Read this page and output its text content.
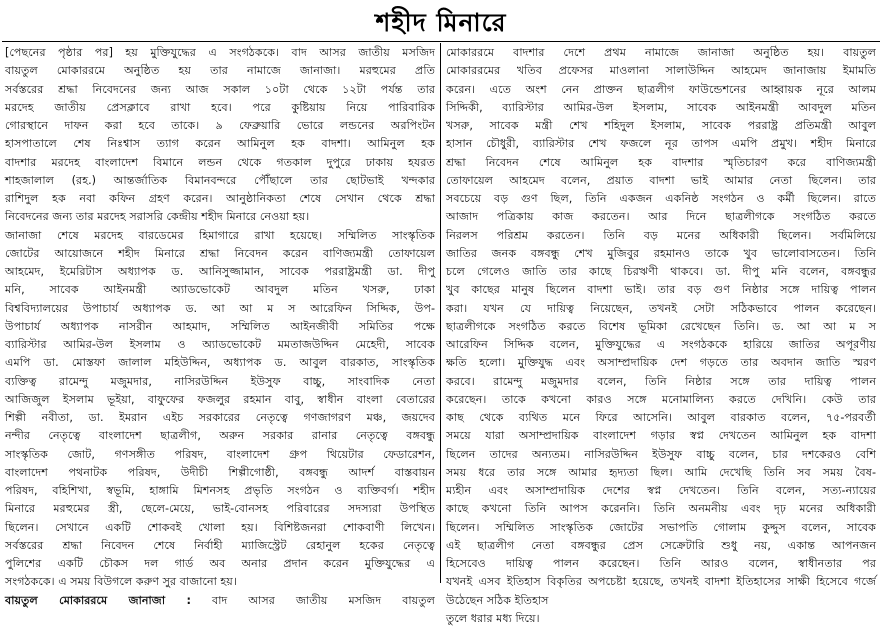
শহীদ মিনারে
[পেছনের পৃষ্ঠার পর] হয় মুক্তিযুদ্ধের এ সংগঠককে। বাদ আসর জাতীয় মসজিদ
বায়তুল মোকাররমে অনুষ্ঠিত হয় তার নামাজে জানাজা। মরহুমের প্রতি
সর্বস্তরের শ্রদ্ধা নিবেদনের জন্য আজ সকাল ১০টা থেকে ১২টা পর্যন্ত তার
মরদেহ জাতীয় প্রেসক্লাবে রাখা হবে। পরে কুষ্টিয়ায় নিয়ে পারিবারিক
গোরস্থানে দাফন করা হবে তাকে। ৯ ফেব্রুয়ারি ভোরে লন্ডনের অরপিংটন
হাসপাতালে শেষ নিঃশ্বাস ত্যাগ করেন আমিনুল হক বাদশা। আমিনুল হক
বাদশার মরদেহ বাংলাদেশ বিমানে লন্ডন থেকে গতকাল দুপুরে ঢাকায় হযরত
শাহজালাল (রহ.) আন্তর্জাতিক বিমানবন্দরে পৌঁছালে তার ছোটভাই খন্দকার
রাশিদুল হক নবা কফিন গ্রহণ করেন। আনুষ্ঠানিকতা শেষে সেখান থেকে শ্রদ্ধা
নিবেদনের জন্য তার মরদেহ সরাসরি কেন্দ্রীয় শহীদ মিনারে নেওয়া হয়।
জানাজা শেষে মরদেহ বারডেমের হিমাগারে রাখা হয়েছে। সম্মিলিত সাংস্কৃতিক
জোটের আয়োজনে শহীদ মিনারে শ্রদ্ধা নিবেদন করেন বাণিজ্যমন্ত্রী তোফায়েল
আহমেদ, ইমেরিটাস অধ্যাপক ড. আনিসুজ্জামান, সাবেক পররাষ্ট্রমন্ত্রী ডা. দীপু
মনি, সাবেক আইনমন্ত্রী অ্যাডভোকেট আবদুল মতিন খসরু, ঢাকা
বিশ্ববিদ্যালয়ের উপাচার্য অধ্যাপক ড. আ আ ম স আরেফিন সিদ্দিক, উপ-
উপাচার্য অধ্যাপক নাসরীন আহমাদ, সম্মিলিত আইনজীবী সমিতির পক্ষে
ব্যারিস্টার আমির-উল ইসলাম ও অ্যাডভোকেট মমতাজউদ্দিন মেহেদী, সাবেক
এমপি ডা. মোস্তফা জালাল মহিউদ্দিন, অধ্যাপক ড. আবুল বারকাত, সাংস্কৃতিক
ব্যক্তিত্ব রামেন্দু মজুমদার, নাসিরউদ্দিন ইউসুফ বাচ্চু, সাংবাদিক নেতা
আজিজুল ইসলাম ভূইয়া, বাফুফের ফজলুর রহমান বাবু, স্বাধীন বাংলা বেতারের
শিল্পী নবীতা, ডা. ইমরান এইচ সরকারের নেতৃত্বে গণজাগরণ মঞ্চ, জয়দেব
নন্দীর নেতৃত্বে বাংলাদেশ ছাত্রলীগ, অরুন সরকার রানার নেতৃত্বে বঙ্গবন্ধু
সাংস্কৃতিক জোট, গণসঙ্গীত পরিষদ, বাংলাদেশ গ্রুপ থিয়েটার ফেডারেশন,
বাংলাদেশ পথনাটক পরিষদ, উদীচী শিল্পীগোষ্ঠী, বঙ্গবন্ধু আদর্শ বাস্তবায়ন
পরিষদ, বহিশিখা, স্বভূমি, হাঙ্গামি মিশনসহ প্রভৃতি সংগঠন ও ব্যক্তিবর্গ। শহীদ
মিনারে মরহুমের স্ত্রী, ছেলে-মেয়ে, ভাই-বোনসহ পরিবারের সদস্যরা উপস্থিত
ছিলেন। সেখানে একটি শোকবই খোলা হয়। বিশিষ্টজনরা শোকবাণী লিখেন।
সর্বস্তরের শ্রদ্ধা নিবেদন শেষে নির্বাহী ম্যাজিস্ট্রেট রেহানুল হকের নেতৃত্বে
পুলিশের একটি চৌকস দল গার্ড অব অনার প্রদান করেন মুক্তিযুদ্ধের এ
সংগঠককে। এ সময় বিউগলে করুণ সুর বাজানো হয়।
বায়তুল মোকাররমে জানাজা : বাদ আসর জাতীয় মসজিদ বায়তুল
মোকাররমে বাদশার দেশে প্রথম নামাজে জানাজা অনুষ্ঠিত হয়। বায়তুল
মোকাররমের খতিব প্রফেসর মাওলানা সালাউদ্দিন আহমেদ জানাজায় ইমামতি
করেন। এতে অংশ নেন প্রাক্তন ছাত্রলীগ ফাউন্ডেশনের আহ্বায়ক নূরে আলম
সিদ্দিকী, ব্যারিস্টার আমির-উল ইসলাম, সাবেক আইনমন্ত্রী আবদুল মতিন
খসরু, সাবেক মন্ত্রী শেখ শহিদুল ইসলাম, সাবেক পররাষ্ট্র প্রতিমন্ত্রী আবুল
হাসান চৌধুরী, ব্যারিস্টার শেখ ফজলে নূর তাপস এমপি প্রমুখ। শহীদ মিনারে
শ্রদ্ধা নিবেদন শেষে আমিনুল হক বাদশার স্মৃতিচারণ করে বাণিজ্যমন্ত্রী
তোফায়েল আহমেদ বলেন, প্রয়াত বাদশা ভাই আমার নেতা ছিলেন। তার
সবচেয়ে বড় গুণ ছিল, তিনি একজন একনিষ্ঠ সংগঠন ও কর্মী ছিলেন। রাতে
আজাদ পত্রিকায় কাজ করতেন। আর দিনে ছাত্রলীগকে সংগঠিত করতে
নিরলস পরিশ্রম করতেন। তিনি বড় মনের অধিকারী ছিলেন। সর্বমিলিয়ে
জাতির জনক বঙ্গবন্ধু শেখ মুজিবুর রহমানও তাকে খুব ভালোবাসতেন। তিনি
চলে গেলেও জাতি তার কাছে চিরঋণী থাকবে। ডা. দীপু মনি বলেন, বঙ্গবন্ধুর
খুব কাছের মানুষ ছিলেন বাদশা ভাই। তার বড় গুণ নিষ্ঠার সঙ্গে দায়িত্ব পালন
করা। যখন যে দায়িত্ব নিয়েছেন, তখনই সেটা সঠিকভাবে পালন করেছেন।
ছাত্রলীগকে সংগঠিত করতে বিশেষ ভূমিকা রেখেছেন তিনি। ড. আ আ ম স
আরেফিন সিদ্দিক বলেন, মুক্তিযুদ্ধের এ সংগঠককে হারিয়ে জাতির অপূরণীয়
ক্ষতি হলো। মুক্তিযুদ্ধ এবং অসাম্প্রদায়িক দেশ গড়তে তার অবদান জাতি স্মরণ
করবে। রামেন্দু মজুমদার বলেন, তিনি নিষ্ঠার সঙ্গে তার দায়িত্ব পালন
করেছেন। তাকে কখনো কারও সঙ্গে মনোমালিন্য করতে দেখিনি। কেউ তার
কাছ থেকে ব্যথিত মনে ফিরে আসেনি। আবুল বারকাত বলেন, ৭৫-পরবর্তী
সময়ে যারা অসাম্প্রদায়িক বাংলাদেশ গড়ার স্বপ্ন দেখতেন আমিনুল হক বাদশা
ছিলেন তাদের অন্যতম। নাসিরউদ্দিন ইউসুফ বাচ্চু বলেন, চার দশকেরও বেশি
সময় ধরে তার সঙ্গে আমার হৃদ্যতা ছিল। আমি দেখেছি তিনি সব সময় বৈষ-
ম্যহীন এবং অসাম্প্রদায়িক দেশের স্বপ্ন দেখতেন। তিনি বলেন, সত্য-ন্যায়ের
কাছে কখনো তিনি আপস করেননি। তিনি অনমনীয় এবং দৃঢ় মনের অধিকারী
ছিলেন। সম্মিলিত সাংস্কৃতিক জোটের সভাপতি গোলাম কুদ্দুস বলেন, সাবেক
এই ছাত্রলীগ নেতা বঙ্গবন্ধুর প্রেস সেক্রেটারি শুধু নয়, একান্ত আপনজন
হিসেবেও দায়িত্ব পালন করেছেন। তিনি আরও বলেন, স্বাধীনতার পর
যখনই এসব ইতিহাস বিকৃতির অপচেষ্টা হয়েছে, তখনই বাদশা ইতিহাসের সাক্ষী হিসেবে গর্জে উঠেছেন সঠিক ইতিহাস
তুলে ধরার মধ্য দিয়ে।
